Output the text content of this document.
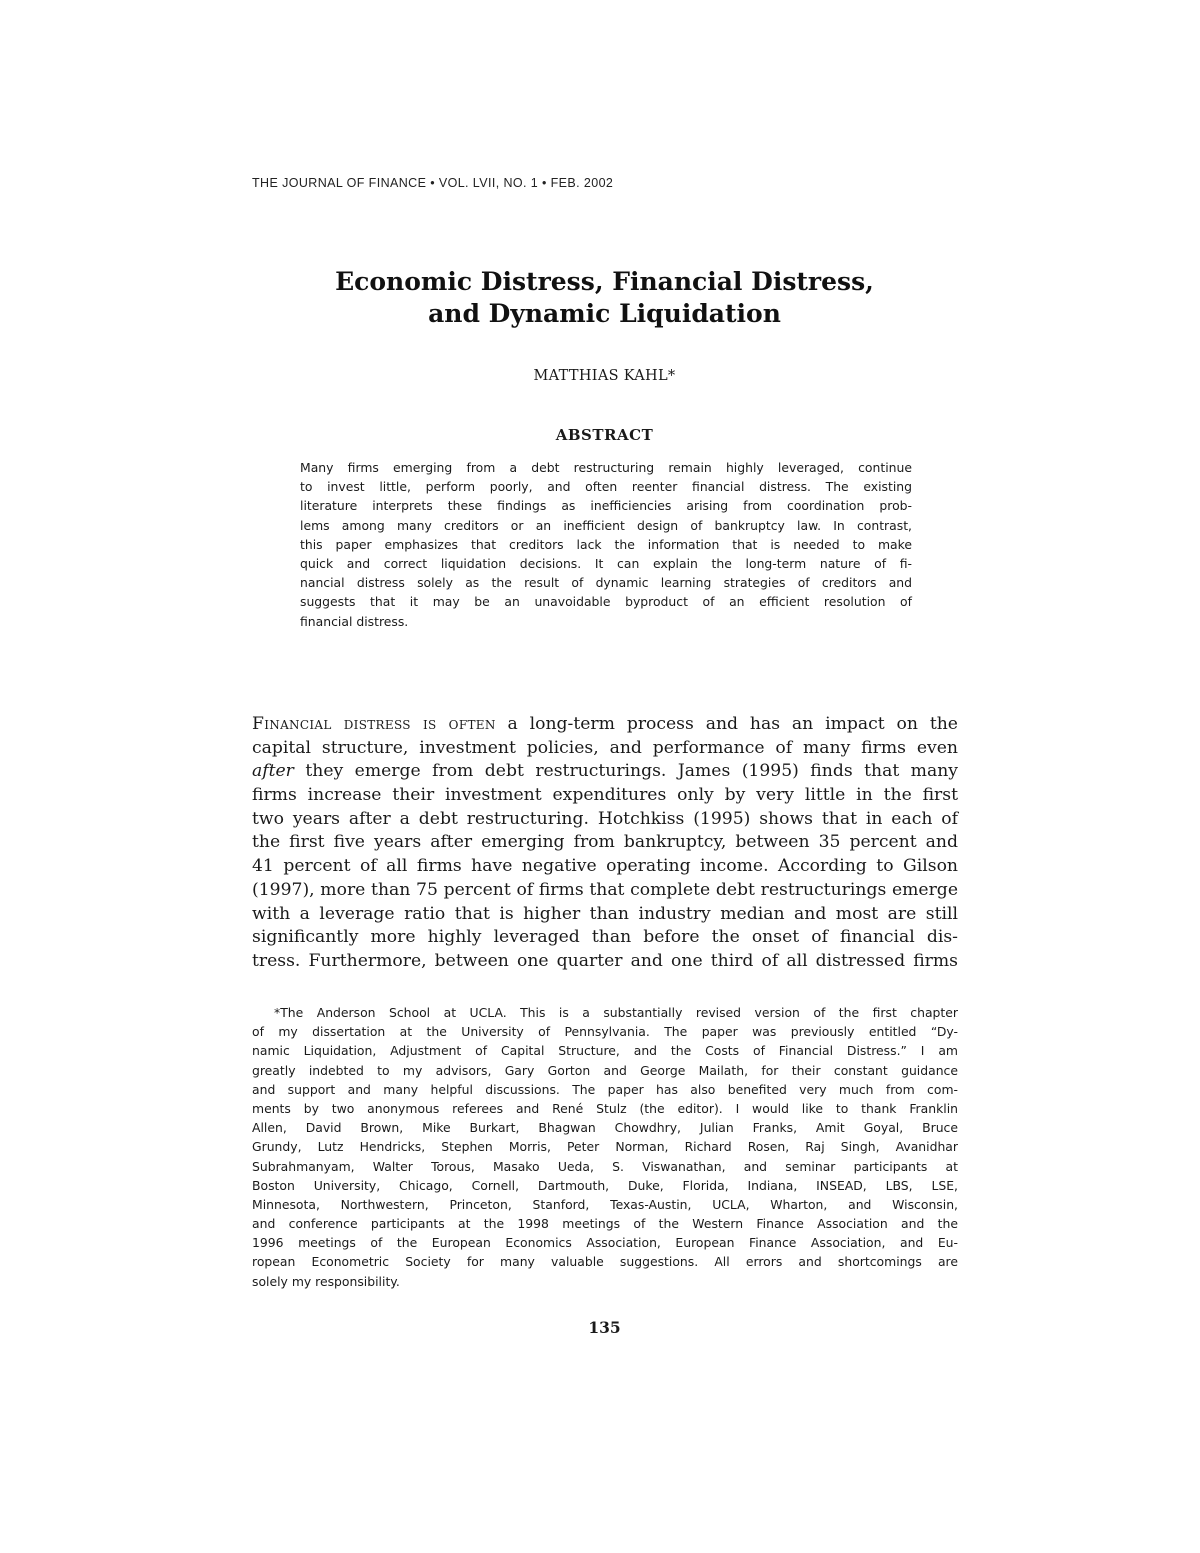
THE JOURNAL OF FINANCE • VOL. LVII, NO. 1 • FEB. 2002
Economic Distress, Financial Distress,
and Dynamic Liquidation
MATTHIAS KAHL*
ABSTRACT
Many firms emerging from a debt restructuring remain highly leveraged, continue
to invest little, perform poorly, and often reenter financial distress. The existing
literature interprets these findings as inefficiencies arising from coordination prob-
lems among many creditors or an inefficient design of bankruptcy law. In contrast,
this paper emphasizes that creditors lack the information that is needed to make
quick and correct liquidation decisions. It can explain the long-term nature of fi-
nancial distress solely as the result of dynamic learning strategies of creditors and
suggests that it may be an unavoidable byproduct of an efficient resolution of
financial distress.
Financial distress is often a long-term process and has an impact on the
capital structure, investment policies, and performance of many firms even
after they emerge from debt restructurings. James (1995) finds that many
firms increase their investment expenditures only by very little in the first
two years after a debt restructuring. Hotchkiss (1995) shows that in each of
the first five years after emerging from bankruptcy, between 35 percent and
41 percent of all firms have negative operating income. According to Gilson
(1997), more than 75 percent of firms that complete debt restructurings emerge
with a leverage ratio that is higher than industry median and most are still
significantly more highly leveraged than before the onset of financial dis-
tress. Furthermore, between one quarter and one third of all distressed firms
*The Anderson School at UCLA. This is a substantially revised version of the first chapter
of my dissertation at the University of Pennsylvania. The paper was previously entitled “Dy-
namic Liquidation, Adjustment of Capital Structure, and the Costs of Financial Distress.” I am
greatly indebted to my advisors, Gary Gorton and George Mailath, for their constant guidance
and support and many helpful discussions. The paper has also benefited very much from com-
ments by two anonymous referees and René Stulz (the editor). I would like to thank Franklin
Allen, David Brown, Mike Burkart, Bhagwan Chowdhry, Julian Franks, Amit Goyal, Bruce
Grundy, Lutz Hendricks, Stephen Morris, Peter Norman, Richard Rosen, Raj Singh, Avanidhar
Subrahmanyam, Walter Torous, Masako Ueda, S. Viswanathan, and seminar participants at
Boston University, Chicago, Cornell, Dartmouth, Duke, Florida, Indiana, INSEAD, LBS, LSE,
Minnesota, Northwestern, Princeton, Stanford, Texas-Austin, UCLA, Wharton, and Wisconsin,
and conference participants at the 1998 meetings of the Western Finance Association and the
1996 meetings of the European Economics Association, European Finance Association, and Eu-
ropean Econometric Society for many valuable suggestions. All errors and shortcomings are
solely my responsibility.
135
